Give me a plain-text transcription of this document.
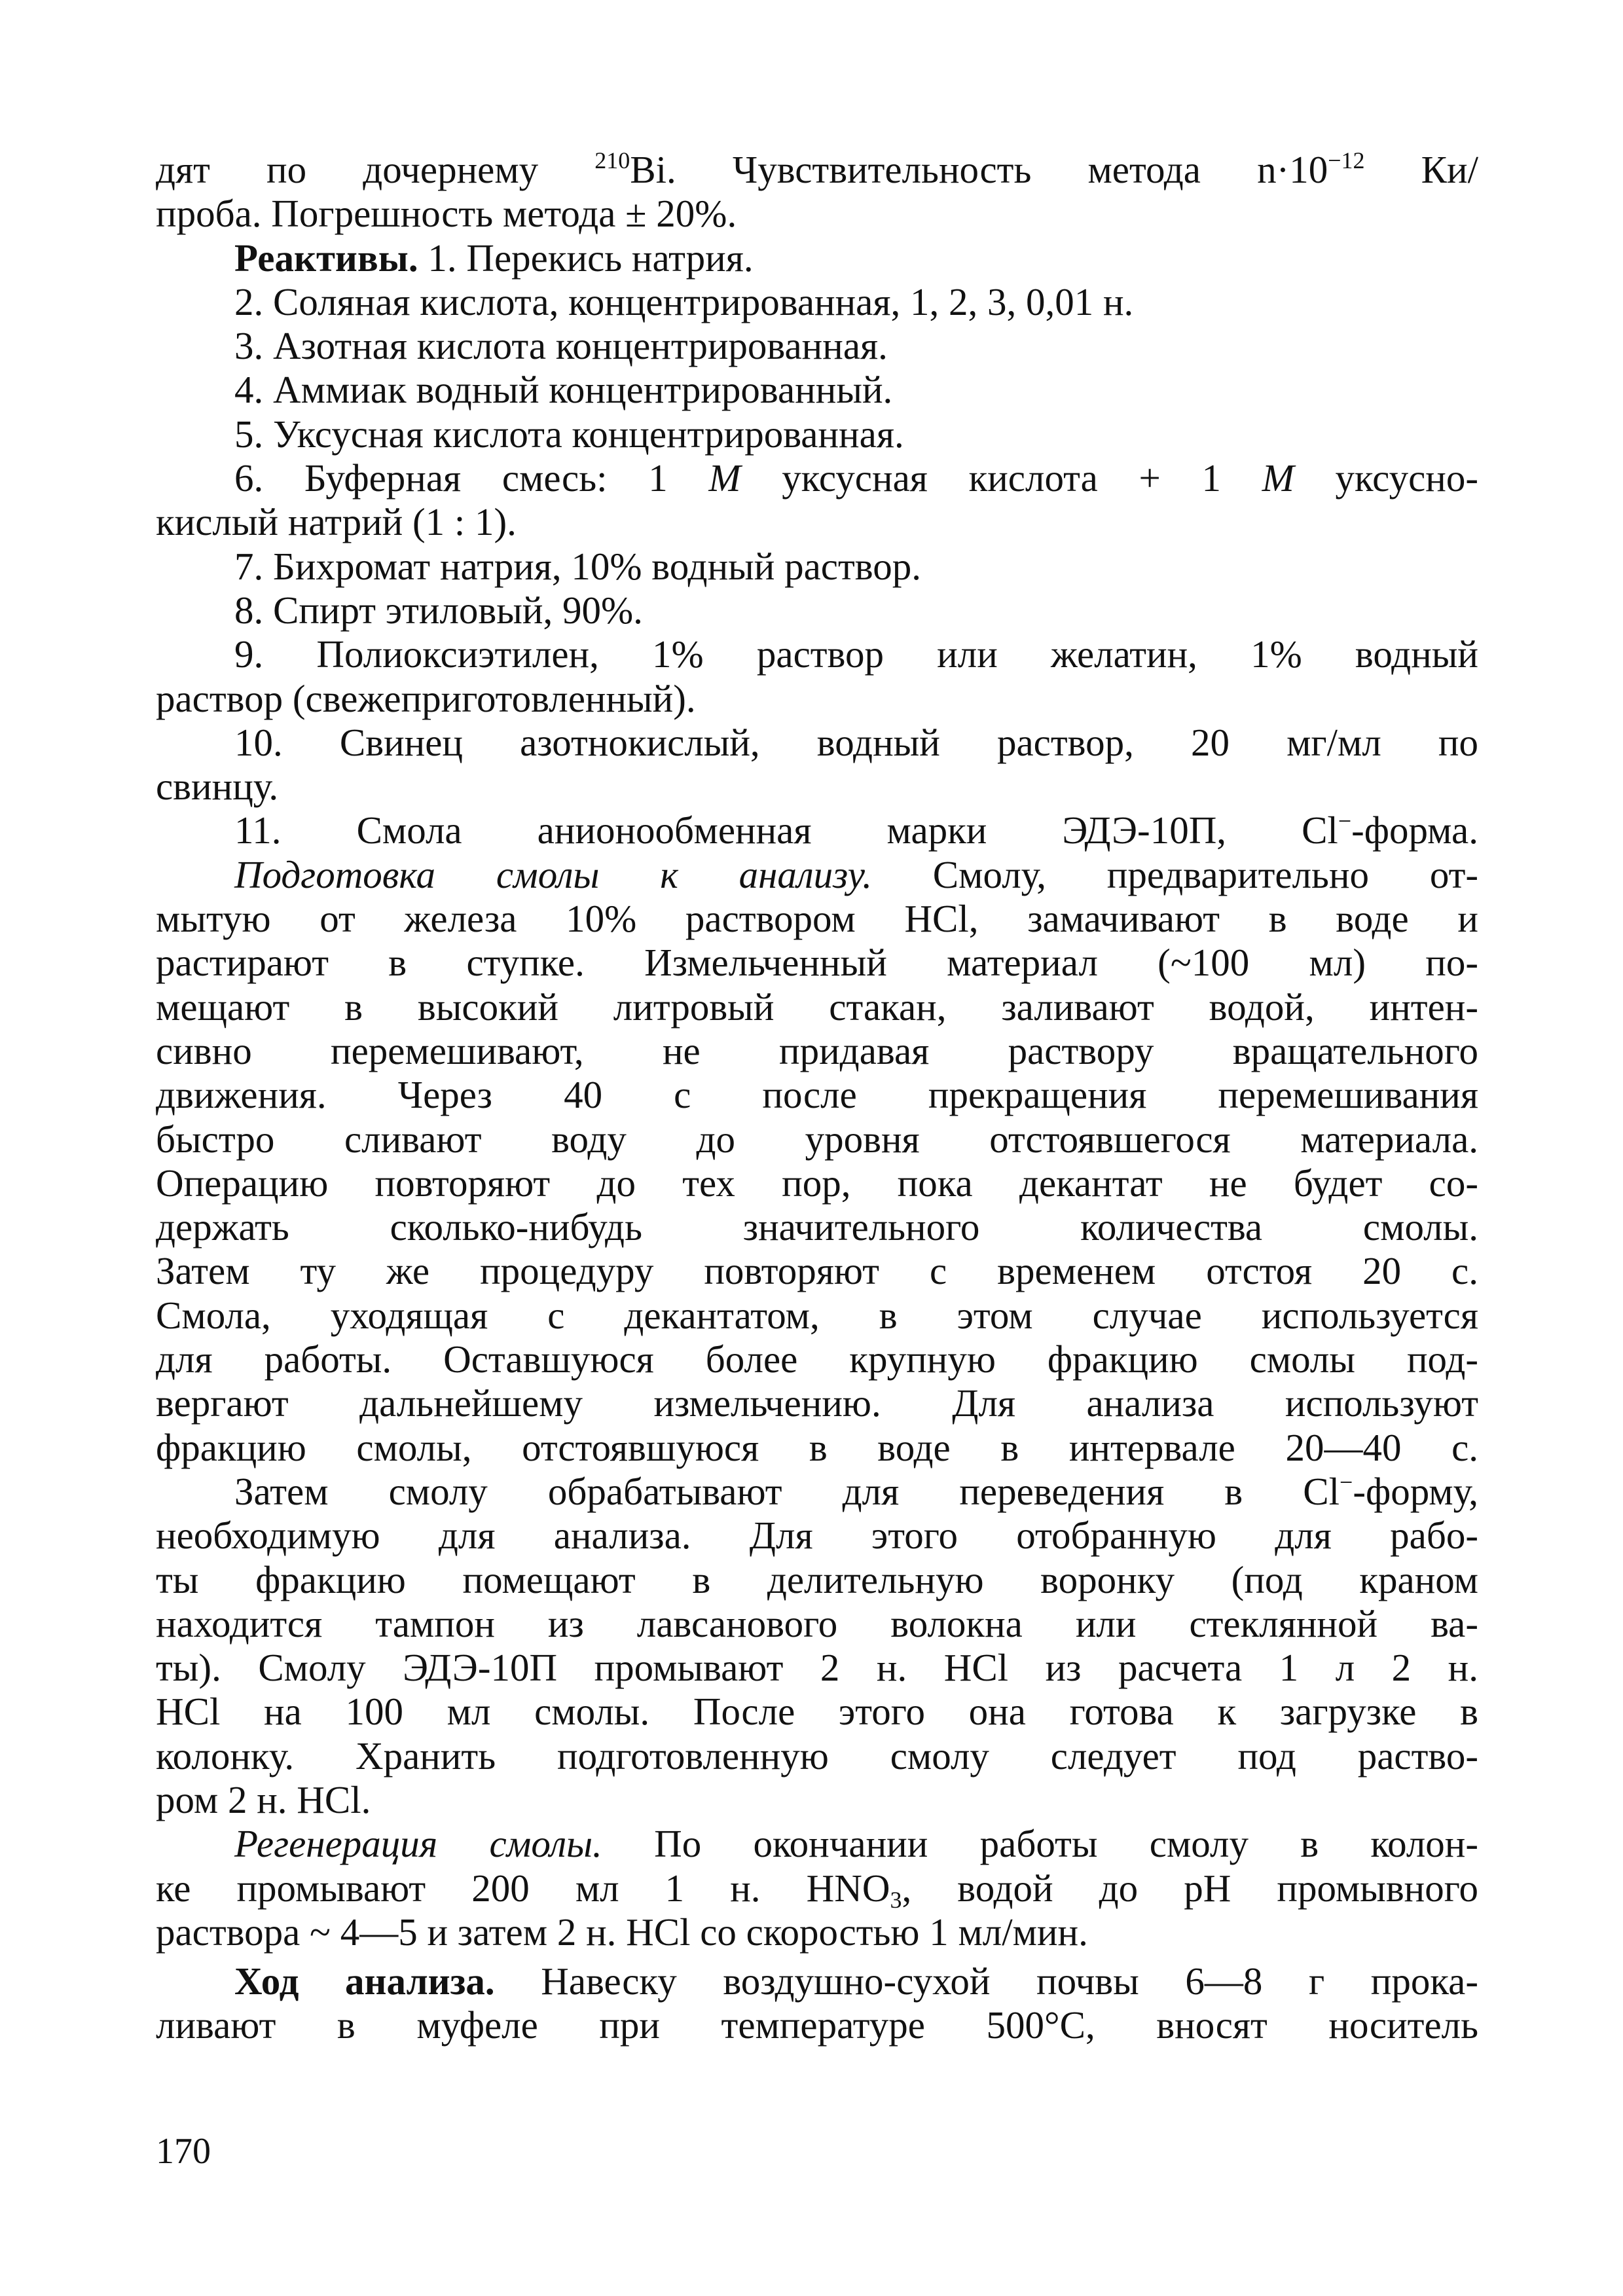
дят по дочернему $^{210}$Bi. Чувствительность метода $n\cdot 10^{-12}$ Ки/
проба. Погрешность метода ± 20%.
Реактивы. 1. Перекись натрия.
2. Соляная кислота, концентрированная, 1, 2, 3, 0,01 н.
3. Азотная кислота концентрированная.
4. Аммиак водный концентрированный.
5. Уксусная кислота концентрированная.
6. Буферная смесь: 1 М уксусная кислота + 1 М уксусно-
кислый натрий (1 : 1).
7. Бихромат натрия, 10% водный раствор.
8. Спирт этиловый, 90%.
9. Полиоксиэтилен, 1% раствор или желатин, 1% водный
раствор (свежеприготовленный).
10. Свинец азотнокислый, водный раствор, 20 мг/мл по
свинцу.
11. Смола анионообменная марки ЭДЭ-10П, Cl−-форма.
Подготовка смолы к анализу. Смолу, предварительно от-
мытую от железа 10% раствором HCl, замачивают в воде и
растирают в ступке. Измельченный материал (~100 мл) по-
мещают в высокий литровый стакан, заливают водой, интен-
сивно перемешивают, не придавая раствору вращательного
движения. Через 40 с после прекращения перемешивания
быстро сливают воду до уровня отстоявшегося материала.
Операцию повторяют до тех пор, пока декантат не будет со-
держать сколько-нибудь значительного количества смолы.
Затем ту же процедуру повторяют с временем отстоя 20 с.
Смола, уходящая с декантатом, в этом случае используется
для работы. Оставшуюся более крупную фракцию смолы под-
вергают дальнейшему измельчению. Для анализа используют
фракцию смолы, отстоявшуюся в воде в интервале 20—40 с.
Затем смолу обрабатывают для переведения в Cl−-форму,
необходимую для анализа. Для этого отобранную для рабо-
ты фракцию помещают в делительную воронку (под краном
находится тампон из лавсанового волокна или стеклянной ва-
ты). Смолу ЭДЭ-10П промывают 2 н. HCl из расчета 1 л 2 н.
HCl на 100 мл смолы. После этого она готова к загрузке в
колонку. Хранить подготовленную смолу следует под раство-
ром 2 н. HCl.
Регенерация смолы. По окончании работы смолу в колон-
ке промывают 200 мл 1 н. $HNO_3$, водой до pH промывного
раствора ~ 4—5 и затем 2 н. HCl со скоростью 1 мл/мин.
Ход анализа. Навеску воздушно-сухой почвы 6—8 г прока-
ливают в муфеле при температуре 500°C, вносят носитель
170
